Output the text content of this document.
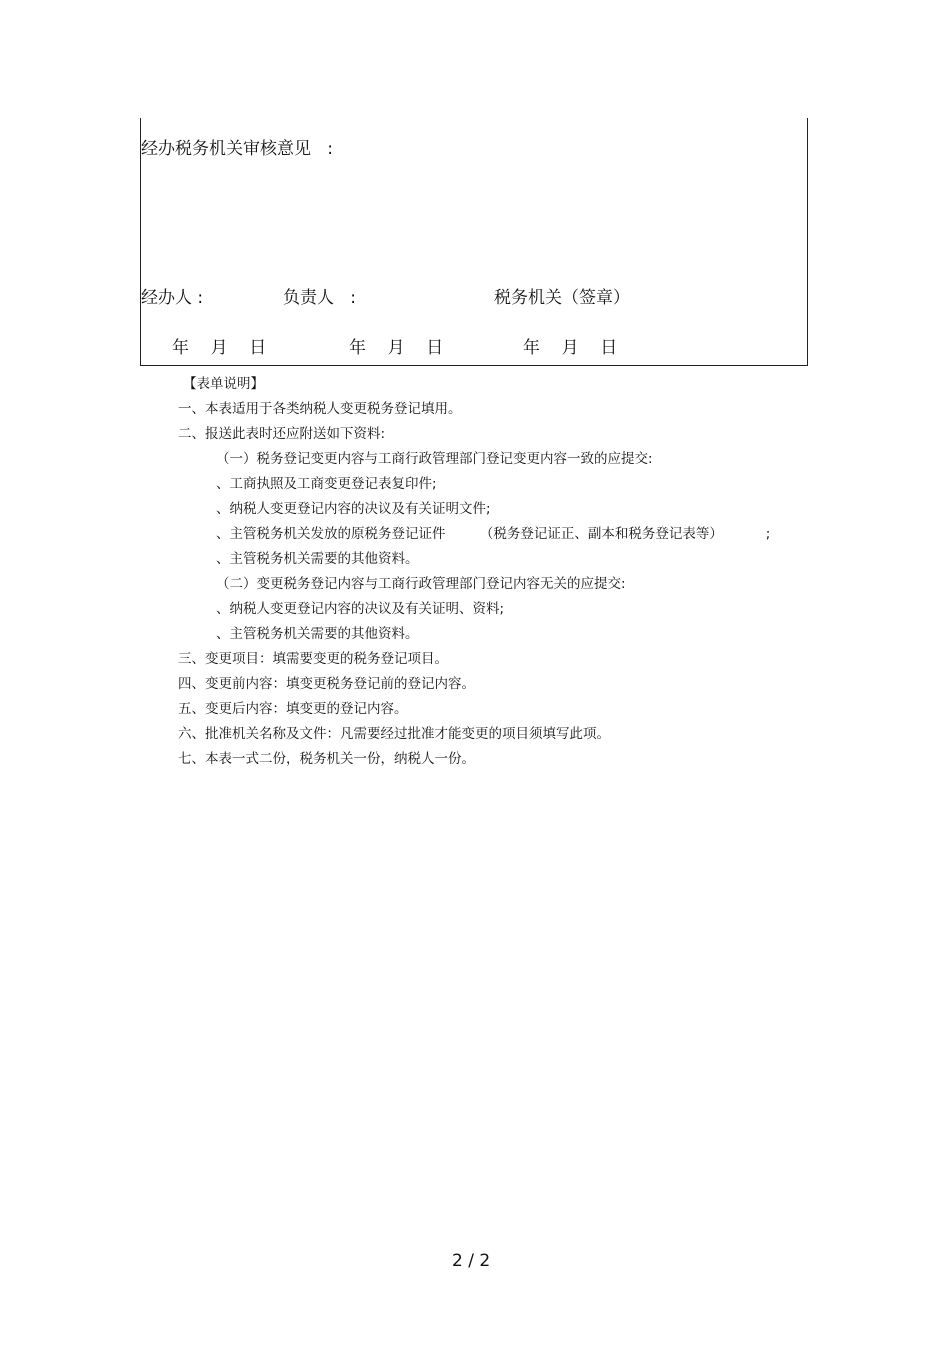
经办税务机关审核意见   :
经办人 :	负责人   :	税务机关（签章）
年    月    日	年    月    日	年    月    日
【表单说明】
一、本表适用于各类纳税人变更税务登记填用。
二、报送此表时还应附送如下资料:
（一）税务登记变更内容与工商行政管理部门登记变更内容一致的应提交:
、工商执照及工商变更登记表复印件;
、纳税人变更登记内容的决议及有关证明文件;
、主管税务机关发放的原税务登记证件        （税务登记证正、副本和税务登记表等）          ;
、主管税务机关需要的其他资料。
（二）变更税务登记内容与工商行政管理部门登记内容无关的应提交:
、纳税人变更登记内容的决议及有关证明、资料;
、主管税务机关需要的其他资料。
三、变更项目：填需要变更的税务登记项目。
四、变更前内容：填变更税务登记前的登记内容。
五、变更后内容：填变更的登记内容。
六、批准机关名称及文件：凡需要经过批准才能变更的项目须填写此项。
七、本表一式二份，税务机关一份，纳税人一份。
2 / 2
